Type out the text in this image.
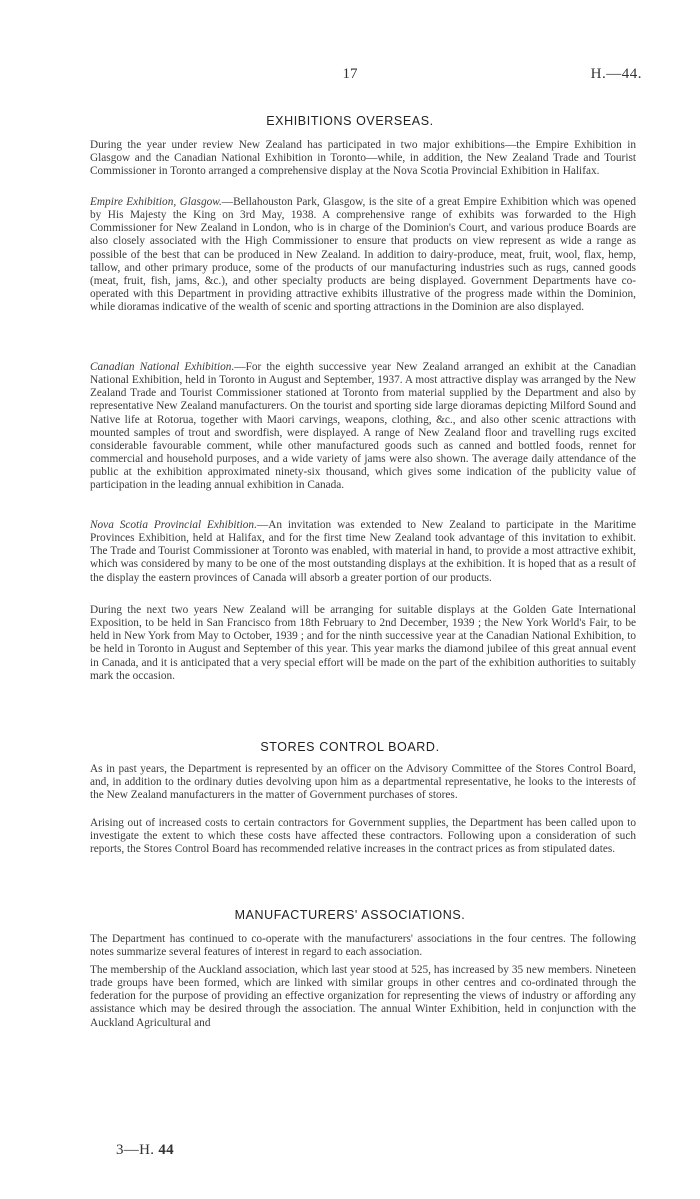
17	H.—44.
EXHIBITIONS OVERSEAS.
During the year under review New Zealand has participated in two major exhibitions—the Empire Exhibition in Glasgow and the Canadian National Exhibition in Toronto—while, in addition, the New Zealand Trade and Tourist Commissioner in Toronto arranged a comprehensive display at the Nova Scotia Provincial Exhibition in Halifax.
Empire Exhibition, Glasgow.—Bellahouston Park, Glasgow, is the site of a great Empire Exhibition which was opened by His Majesty the King on 3rd May, 1938. A comprehensive range of exhibits was forwarded to the High Commissioner for New Zealand in London, who is in charge of the Dominion's Court, and various produce Boards are also closely associated with the High Commissioner to ensure that products on view represent as wide a range as possible of the best that can be produced in New Zealand. In addition to dairy-produce, meat, fruit, wool, flax, hemp, tallow, and other primary produce, some of the products of our manufacturing industries such as rugs, canned goods (meat, fruit, fish, jams, &c.), and other specialty products are being displayed. Government Departments have co-operated with this Department in providing attractive exhibits illustrative of the progress made within the Dominion, while dioramas indicative of the wealth of scenic and sporting attractions in the Dominion are also displayed.
Canadian National Exhibition.—For the eighth successive year New Zealand arranged an exhibit at the Canadian National Exhibition, held in Toronto in August and September, 1937. A most attractive display was arranged by the New Zealand Trade and Tourist Commissioner stationed at Toronto from material supplied by the Department and also by representative New Zealand manufacturers. On the tourist and sporting side large dioramas depicting Milford Sound and Native life at Rotorua, together with Maori carvings, weapons, clothing, &c., and also other scenic attractions with mounted samples of trout and swordfish, were displayed. A range of New Zealand floor and travelling rugs excited considerable favourable comment, while other manufactured goods such as canned and bottled foods, rennet for commercial and household purposes, and a wide variety of jams were also shown. The average daily attendance of the public at the exhibition approximated ninety-six thousand, which gives some indication of the publicity value of participation in the leading annual exhibition in Canada.
Nova Scotia Provincial Exhibition.—An invitation was extended to New Zealand to participate in the Maritime Provinces Exhibition, held at Halifax, and for the first time New Zealand took advantage of this invitation to exhibit. The Trade and Tourist Commissioner at Toronto was enabled, with material in hand, to provide a most attractive exhibit, which was considered by many to be one of the most outstanding displays at the exhibition. It is hoped that as a result of the display the eastern provinces of Canada will absorb a greater portion of our products.
During the next two years New Zealand will be arranging for suitable displays at the Golden Gate International Exposition, to be held in San Francisco from 18th February to 2nd December, 1939 ; the New York World's Fair, to be held in New York from May to October, 1939 ; and for the ninth successive year at the Canadian National Exhibition, to be held in Toronto in August and September of this year. This year marks the diamond jubilee of this great annual event in Canada, and it is anticipated that a very special effort will be made on the part of the exhibition authorities to suitably mark the occasion.
STORES CONTROL BOARD.
As in past years, the Department is represented by an officer on the Advisory Committee of the Stores Control Board, and, in addition to the ordinary duties devolving upon him as a departmental representative, he looks to the interests of the New Zealand manufacturers in the matter of Government purchases of stores.
Arising out of increased costs to certain contractors for Government supplies, the Department has been called upon to investigate the extent to which these costs have affected these contractors. Following upon a consideration of such reports, the Stores Control Board has recommended relative increases in the contract prices as from stipulated dates.
MANUFACTURERS' ASSOCIATIONS.
The Department has continued to co-operate with the manufacturers' associations in the four centres. The following notes summarize several features of interest in regard to each association.
The membership of the Auckland association, which last year stood at 525, has increased by 35 new members. Nineteen trade groups have been formed, which are linked with similar groups in other centres and co-ordinated through the federation for the purpose of providing an effective organization for representing the views of industry or affording any assistance which may be desired through the association. The annual Winter Exhibition, held in conjunction with the Auckland Agricultural and
3—H. 44
